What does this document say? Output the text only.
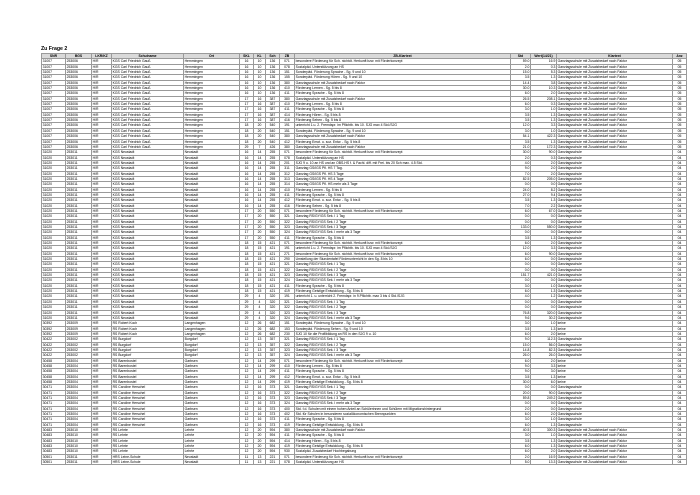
Zu Frage 2
SNR	BGS	LKR/KZ	Schulname	Ort	SKL	KL	Sch	ZB	ZB-Klartext	Std	Wert(14/21)	Klartext	Anz
31007	253006	H/R	KGS Carl Friedrich Gauß	Hemmingen	16	10	136	071	besondere Förderung für Sch. nichtdt. Herkunft bzw. mit Förderkonzept	59.0	16.9	Ganztagsschule mit Zusatzbedarf nach Faktor	05
31007	253006	H/R	KGS Carl Friedrich Gauß	Hemmingen	16	10	136	078	Sozialpäd. Unterstützung an HS	2.0	0.3	Ganztagsschule mit Zusatzbedarf nach Faktor	05
31007	253006	H/R	KGS Carl Friedrich Gauß	Hemmingen	16	10	136	151	Sonderpäd. Förderung Sprache - Sg. 9 und 10	15.0	5.3	Ganztagsschule mit Zusatzbedarf nach Faktor	05
31007	253006	H/R	KGS Carl Friedrich Gauß	Hemmingen	16	10	136	155	Sonderpäd. Förderung Hören - Sg. 9 und 10	3.5	1.3	Ganztagsschule mit Zusatzbedarf nach Faktor	05
31007	253006	H/R	KGS Carl Friedrich Gauß	Hemmingen	16	10	136	380	Ganztagsschule mit Zusatzbedarf nach Faktor	14.4	3.8	Ganztagsschule mit Zusatzbedarf nach Faktor	05
31007	253006	H/R	KGS Carl Friedrich Gauß	Hemmingen	16	10	136	410	Förderung Lernen - Sg. 5 bis 8	30.0	10.3	Ganztagsschule mit Zusatzbedarf nach Faktor	05
31007	253006	H/R	KGS Carl Friedrich Gauß	Hemmingen	16	10	136	411	Förderung Sprache - Sg. 5 bis 8	6.0	2.0	Ganztagsschule mit Zusatzbedarf nach Faktor	05
31007	253006	H/R	KGS Carl Friedrich Gauß	Hemmingen	17	16	387	380	Ganztagsschule mit Zusatzbedarf nach Faktor	26.5	208.1	Ganztagsschule mit Zusatzbedarf nach Faktor	05
31007	253006	H/R	KGS Carl Friedrich Gauß	Hemmingen	17	16	387	410	Förderung Lernen - Sg. 5 bis 8	6.0	0.3	Ganztagsschule mit Zusatzbedarf nach Faktor	05
31007	253006	H/R	KGS Carl Friedrich Gauß	Hemmingen	17	16	387	411	Förderung Sprache - Sg. 5 bis 8	3.0	1.0	Ganztagsschule mit Zusatzbedarf nach Faktor	05
31007	253006	H/R	KGS Carl Friedrich Gauß	Hemmingen	17	16	387	414	Förderung Hören - Sg. 5 bis 8	3.5	1.3	Ganztagsschule mit Zusatzbedarf nach Faktor	05
31007	253006	H/R	KGS Carl Friedrich Gauß	Hemmingen	17	16	387	416	Förderung Sehen - Sg. 5 bis 8	3.5	1.3	Ganztagsschule mit Zusatzbedarf nach Faktor	05
31007	253006	H/R	KGS Carl Friedrich Gauß	Hemmingen	18	20	540	191	unterricht 1.u. 2. Fremdspr. im Pflichtb. bis 10. SJG max 4 Std./SJG	12.0	3.3	Ganztagsschule mit Zusatzbedarf nach Faktor	05
31007	253006	H/R	KGS Carl Friedrich Gauß	Hemmingen	18	20	540	151	Sonderpäd. Förderung Sprache - Sg. 9 und 10	3.0	1.0	Ganztagsschule mit Zusatzbedarf nach Faktor	05
31007	253006	H/R	KGS Carl Friedrich Gauß	Hemmingen	18	20	540	380	Ganztagsschule mit Zusatzbedarf nach Faktor	54.1	422.3	Ganztagsschule mit Zusatzbedarf nach Faktor	05
31007	253006	H/R	KGS Carl Friedrich Gauß	Hemmingen	18	20	540	412	Förderung Emot. u. soz. Entw. - Sg. 5 bis 8	3.5	1.3	Ganztagsschule mit Zusatzbedarf nach Faktor	05
31007	253006	H/R	KGS Carl Friedrich Gauß	Hemmingen	29	7	426	380	Ganztagsschule mit Zusatzbedarf nach Faktor	21.0	172.3	Ganztagsschule mit Zusatzbedarf nach Faktor	05
31020	253011	H/R	KGS Neustadt	Neustadt	16	14	255	071	besondere Förderung für Sch. nichtdt. Herkunft bzw. mit Förderkonzept	30.0	90.0	Ganztagsschule	04
31020	253011	H/R	KGS Neustadt	Neustadt	16	14	255	078	Sozialpäd. Unterstützung an HS	2.0	0.3	Ganztagsschule	04
31020	253011	H/R	KGS Neustadt	Neustadt	16	14	255	201	SJG 9 u. 10 an HS und an OBS-HS f. & Fachl. diff. mit Frei. bis 20 Sch max. 4.5 Std.	4.0	2.0	Ganztagsschule	04
31020	253011	H/R	KGS Neustadt	Neustadt	16	14	255	311	Ganztag GS/IGS Pfl. HS 7 Tag.	9.0	2.0	Ganztagsschule	04
31020	253011	H/R	KGS Neustadt	Neustadt	16	14	255	312	Ganztag GS/IGS Pfl. HS 3 Tage	7.0	2.0	Ganztagsschule	04
31020	253011	H/R	KGS Neustadt	Neustadt	16	14	255	313	Ganztag GS/IGS Pfl. HS 4 Tage	82.5	205.0	Ganztagsschule	04
31020	253011	H/R	KGS Neustadt	Neustadt	16	14	255	314	Ganztag GS/IGS Pfl. HS mehr als 3 Tage	0.0	0.0	Ganztagsschule	04
31020	253011	H/R	KGS Neustadt	Neustadt	16	14	255	410	Förderung Lernen - Sg. 5 bis 8	24.0	8.2	Ganztagsschule	04
31020	253011	H/R	KGS Neustadt	Neustadt	16	14	255	411	Förderung Sprache - Sg. 5 bis 8	27.0	9.4	Ganztagsschule	04
31020	253011	H/R	KGS Neustadt	Neustadt	16	14	255	412	Förderung Emot. u. soz. Entw. - Sg. 5 bis 8	3.5	1.3	Ganztagsschule	04
31020	253011	H/R	KGS Neustadt	Neustadt	16	14	255	416	Förderung Sehen - Sg. 5 bis 8	7.0	2.2	Ganztagsschule	04
31020	253011	H/R	KGS Neustadt	Neustadt	17	20	550	071	besondere Förderung für Sch. nichtdt. Herkunft bzw. mit Förderkonzept	6.0	67.0	Ganztagsschule	04
31020	253011	H/R	KGS Neustadt	Neustadt	17	20	550	321	Ganztag RS/GY/GS Sek. I 1 Tag	0.0	0.0	Ganztagsschule	04
31020	253011	H/R	KGS Neustadt	Neustadt	17	20	550	322	Ganztag RS/GY/GS Sek. I 2 Tage	0.0	0.0	Ganztagsschule	04
31020	253011	H/R	KGS Neustadt	Neustadt	17	20	550	323	Ganztag RS/GY/GS Sek. I 3 Tage	133.0	550.0	Ganztagsschule	04
31020	253011	H/R	KGS Neustadt	Neustadt	17	20	550	324	Ganztag RS/GY/GS Sek. I mehr als 3 Tage	0.0	0.0	Ganztagsschule	04
31020	253011	H/R	KGS Neustadt	Neustadt	17	20	550	411	Förderung Sprache - Sg. 5 bis 8	3.5	1.3	Ganztagsschule	04
31020	253011	H/R	KGS Neustadt	Neustadt	18	15	421	071	besondere Förderung für Sch. nichtdt. Herkunft bzw. mit Förderkonzept	6.0	2.0	Ganztagsschule	04
31020	253011	H/R	KGS Neustadt	Neustadt	18	15	421	191	unterricht 1.u. 2. Fremdspr. im Pflichtb. bis 10. SJG max 4 Std./SJG	12.0	3.3	Ganztagsschule	04
31020	253011	H/R	KGS Neustadt	Neustadt	18	15	421	271	besondere Förderung für Sch. nichtdt. Herkunft bzw. mit Förderkonzept	6.0	90.0	Ganztagsschule	04
31020	253011	H/R	KGS Neustadt	Neustadt	18	15	421	290	Umstellung der Stundentafel Förderunterricht in den Sg. 8 bis 10	6.0	0.0	Ganztagsschule	04
31020	253011	H/R	KGS Neustadt	Neustadt	18	15	421	321	Ganztag RS/GY/GS Sek. I 1 Tag	0.0	0.0	Ganztagsschule	04
31020	253011	H/R	KGS Neustadt	Neustadt	18	15	421	322	Ganztag RS/GY/GS Sek. I 2 Tage	0.0	0.0	Ganztagsschule	04
31020	253011	H/R	KGS Neustadt	Neustadt	18	15	421	323	Ganztag RS/GY/GS Sek. I 3 Tage	151.7	421.0	Ganztagsschule	04
31020	253011	H/R	KGS Neustadt	Neustadt	18	15	421	324	Ganztag RS/GY/GS Sek. I mehr als 3 Tage	0.0	0.0	Ganztagsschule	04
31020	253011	H/R	KGS Neustadt	Neustadt	18	15	421	411	Förderung Sprache - Sg. 5 bis 8	3.0	1.0	Ganztagsschule	04
31020	253011	H/R	KGS Neustadt	Neustadt	18	15	421	419	Förderung Geistige Entwicklung - Sg. 5 bis 8	6.0	1.3	Ganztagsschule	04
31020	253011	H/R	KGS Neustadt	Neustadt	29	4	320	191	unterricht 1. u. unterricht 2. Fremdspr. in 9.Pflichtb. max 3 bis 4 Std./SJG	4.0	1.2	Ganztagsschule	04
31020	253011	H/R	KGS Neustadt	Neustadt	29	4	320	321	Ganztag RS/GY/GS Sek. I 1 Tag	0.0	0.0	Ganztagsschule	04
31020	253011	H/R	KGS Neustadt	Neustadt	29	4	320	322	Ganztag RS/GY/GS Sek. I 2 Tage	0.0	0.0	Ganztagsschule	04
31020	253011	H/R	KGS Neustadt	Neustadt	29	4	320	323	Ganztag RS/GY/GS Sek. I 3 Tage	76.8	320.0	Ganztagsschule	04
31020	253011	H/R	KGS Neustadt	Neustadt	29	4	320	324	Ganztag RS/GY/GS Sek. I mehr als 3 Tage	9.6	30.2	Ganztagsschule	04
30392	253009	H/R	RS Robert Koch	Langenhagen	12	26	682	151	Sonderpäd. Förderung Sprache - Sg. 9 und 10	3.0	1.0	keine	04
30392	253009	H/R	RS Robert Koch	Langenhagen	12	26	682	153	Sonderpäd. Förderung Sehen - Sg. 9 und 10	3.5	1.3	keine	04
30392	253009	H/R	RS Robert Koch	Langenhagen	12	26	682	230	SJG 10 für die Profilbildung an RS in den SJG 9 u. 10	6.0	2.0	keine	04
30422	253002	H/R	RS Burgdorf	Burgdorf	12	13	357	321	Ganztag RS/GY/GS Sek. I 1 Tag	9.0	112.3	Ganztagsschule	04
30422	253002	H/R	RS Burgdorf	Burgdorf	12	13	357	322	Ganztag RS/GY/GS Sek. I 2 Tage	15.0	56.0	Ganztagsschule	04
30422	253002	H/R	RS Burgdorf	Burgdorf	12	13	357	323	Ganztag RS/GY/GS Sek. I 3 Tage	14.8	82.3	Ganztagsschule	04
30422	253002	H/R	RS Burgdorf	Burgdorf	12	13	357	324	Ganztag RS/GY/GS Sek. I mehr als 3 Tage	26.0	26.0	Ganztagsschule	04
30458	253004	H/R	RS Barenbostel	Garbsen	12	14	299	071	besondere Förderung für Sch. nichtdt. Herkunft bzw. mit Förderkonzept	6.0	2.0	keine	04
30458	253004	H/R	RS Barenbostel	Garbsen	12	14	299	410	Förderung Lernen - Sg. 5 bis 8	9.0	3.3	keine	04
30458	253004	H/R	RS Barenbostel	Garbsen	12	14	299	411	Förderung Sprache - Sg. 5 bis 8	9.0	3.0	keine	04
30458	253004	H/R	RS Barenbostel	Garbsen	12	14	299	412	Förderung Emot. u. soz. Entw. - Sg. 5 bis 8	3.5	1.3	keine	04
30458	253004	H/R	RS Barenbostel	Garbsen	12	14	299	419	Förderung Geistige Entwicklung - Sg. 5 bis 8	30.0	6.0	keine	04
30471	253004	H/R	RS Caroline Herschel	Garbsen	12	16	373	321	Ganztag RS/GY/GS Sek. I 1 Tag	0.0	0.0	Ganztagsschule	04
30471	253004	H/R	RS Caroline Herschel	Garbsen	12	16	373	322	Ganztag RS/GY/GS Sek. I 2 Tage	20.0	90.0	Ganztagsschule	04
30471	253004	H/R	RS Caroline Herschel	Garbsen	12	16	373	323	Ganztag RS/GY/GS Sek. I 3 Tage	59.8	249.2	Ganztagsschule	04
30471	253004	H/R	RS Caroline Herschel	Garbsen	12	16	373	324	Ganztag RS/GY/GS Sek. I mehr als 3 Tage	0.0	0.0	Ganztagsschule	04
30471	253004	H/R	RS Caroline Herschel	Garbsen	12	16	373	400	Std. f.d. Schulen mit einem hohen Anteil an Schülerinnen und Schülern mit Migrationshintergrund	2.0	0.0	Ganztagsschule	04
30471	253004	H/R	RS Caroline Herschel	Garbsen	12	16	373	402	Std. für Schulen in besonderen sozialökonomischen Brennpunkten	6.0	2.0	Ganztagsschule	04
30471	253004	H/R	RS Caroline Herschel	Garbsen	12	16	373	411	Förderung Sprache - Sg. 5 bis 8	3.0	1.0	Ganztagsschule	04
30471	253004	H/R	RS Caroline Herschel	Garbsen	12	16	373	419	Förderung Geistige Entwicklung - Sg. 5 bis 8	6.0	1.3	Ganztagsschule	04
30483	253010	H/R	RS Lehrte	Lehrte	12	20	594	380	Ganztagsschule mit Zusatzbedarf nach Faktor	40.5	300.3	Ganztagsschule mit Zusatzbedarf nach Faktor	04
30483	253010	H/R	RS Lehrte	Lehrte	12	20	594	411	Förderung Sprache - Sg. 5 bis 8	3.0	1.0	Ganztagsschule mit Zusatzbedarf nach Faktor	04
30483	253010	H/R	RS Lehrte	Lehrte	12	20	594	414	Förderung Hören - Sg. 5 bis 8	3.5	1.3	Ganztagsschule mit Zusatzbedarf nach Faktor	04
30483	253010	H/R	RS Lehrte	Lehrte	12	20	594	419	Förderung Geistige Entwicklung - Sg. 5 bis 8	6.0	1.3	Ganztagsschule mit Zusatzbedarf nach Faktor	04
30483	253010	H/R	RS Lehrte	Lehrte	12	20	594	930	Sozialpäd. Zusatzbedarf Hochbegabung	6.0	2.0	Ganztagsschule mit Zusatzbedarf nach Faktor	04
30501	253011	H/R	HRS Leine-Schule	Neustadt	11	13	221	071	besondere Förderung für Sch. nichtdt. Herkunft bzw. mit Förderkonzept	2.0	16.9	Ganztagsschule mit Zusatzbedarf nach Faktor	04
30501	253011	H/R	HRS Leine-Schule	Neustadt	11	13	221	078	Sozialpäd. Unterstützung an HS	5.0	13.3	Ganztagsschule mit Zusatzbedarf nach Faktor	04
